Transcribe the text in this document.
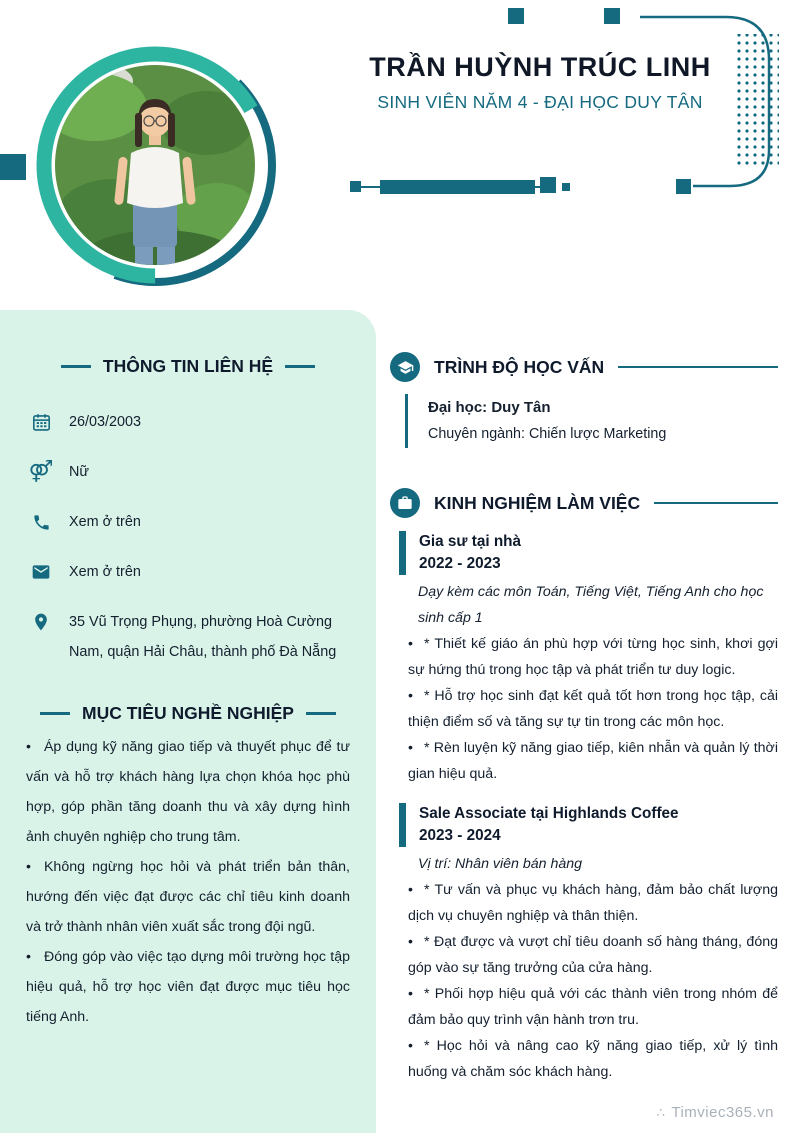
TRẦN HUỲNH TRÚC LINH
SINH VIÊN NĂM 4 - ĐẠI HỌC DUY TÂN
THÔNG TIN LIÊN HỆ
26/03/2003
⚤ Nữ
Xem ở trên
Xem ở trên
35 Vũ Trọng Phụng, phường Hoà Cường Nam, quận Hải Châu, thành phố Đà Nẵng
MỤC TIÊU NGHỀ NGHIỆP

• Áp dụng kỹ năng giao tiếp và thuyết phục để tư vấn và hỗ trợ khách hàng lựa chọn khóa học phù hợp, góp phần tăng doanh thu và xây dựng hình ảnh chuyên nghiệp cho trung tâm.

• Không ngừng học hỏi và phát triển bản thân, hướng đến việc đạt được các chỉ tiêu kinh doanh và trở thành nhân viên xuất sắc trong đội ngũ.

• Đóng góp vào việc tạo dựng môi trường học tập hiệu quả, hỗ trợ học viên đạt được mục tiêu học tiếng Anh.

TRÌNH ĐỘ HỌC VẤN
Đại học: Duy Tân
Chuyên ngành: Chiến lược Marketing
KINH NGHIỆM LÀM VIỆC
Gia sư tại nhà
2022 - 2023
Dạy kèm các môn Toán, Tiếng Việt, Tiếng Anh cho học sinh cấp 1

• * Thiết kế giáo án phù hợp với từng học sinh, khơi gợi sự hứng thú trong học tập và phát triển tư duy logic.

• * Hỗ trợ học sinh đạt kết quả tốt hơn trong học tập, cải thiện điểm số và tăng sự tự tin trong các môn học.

• * Rèn luyện kỹ năng giao tiếp, kiên nhẫn và quản lý thời gian hiệu quả.

Sale Associate tại Highlands Coffee
2023 - 2024
Vị trí: Nhân viên bán hàng

• * Tư vấn và phục vụ khách hàng, đảm bảo chất lượng dịch vụ chuyên nghiệp và thân thiện.

• * Đạt được và vượt chỉ tiêu doanh số hàng tháng, đóng góp vào sự tăng trưởng của cửa hàng.

• * Phối hợp hiệu quả với các thành viên trong nhóm để đảm bảo quy trình vận hành trơn tru.

• * Học hỏi và nâng cao kỹ năng giao tiếp, xử lý tình huống và chăm sóc khách hàng.

∴ Timviec365.vn
